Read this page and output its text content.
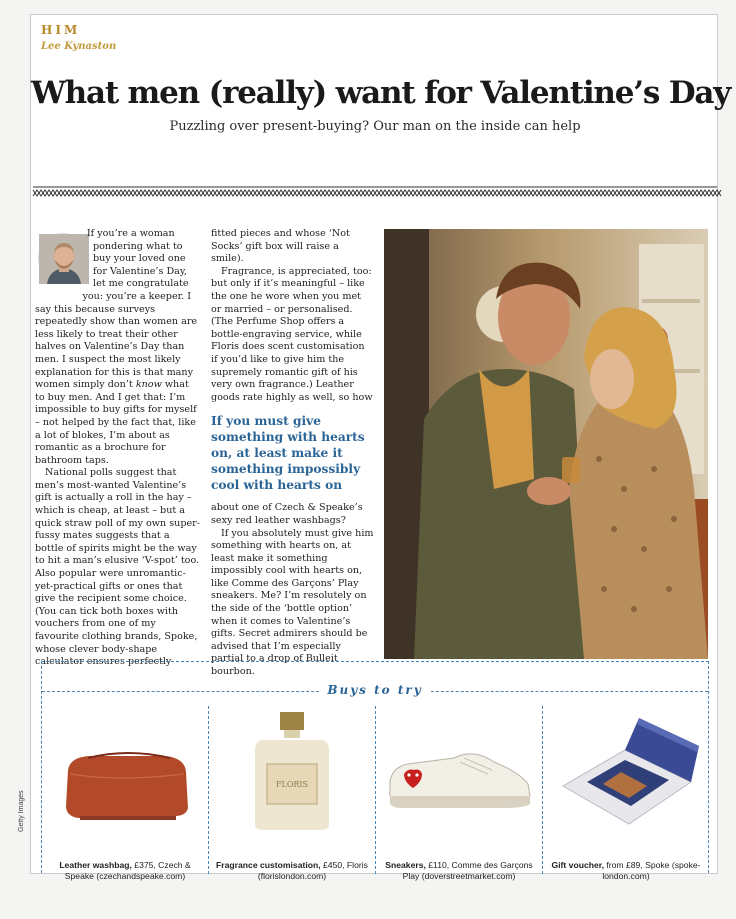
HIM
Lee Kynaston
What men (really) want for Valentine’s Day
Puzzling over present-buying? Our man on the inside can help

If you’re a woman pondering what to buy your loved one for Valentine’s Day, let me congratulate you: you’re a keeper. I say this because surveys repeatedly show than women are less likely to treat their other halves on Valentine’s Day than men. I suspect the most likely explanation for this is that many women simply don’t know what to buy men. And I get that: I’m impossible to buy gifts for myself – not helped by the fact that, like a lot of blokes, I’m about as romantic as a brochure for bathroom taps.

National polls suggest that men’s most-wanted Valentine’s gift is actually a roll in the hay – which is cheap, at least – but a quick straw poll of my own super-fussy mates suggests that a bottle of spirits might be the way to hit a man’s elusive ‘V-spot’ too. Also popular were unromantic-yet-practical gifts or ones that give the recipient some choice. (You can tick both boxes with vouchers from one of my favourite clothing brands, Spoke, whose clever body-shape calculator ensures perfectly

fitted pieces and whose ‘Not Socks’ gift box will raise a smile).

Fragrance, is appreciated, too: but only if it’s meaningful – like the one he wore when you met or married – or personalised. (The Perfume Shop offers a bottle-engraving service, while Floris does scent customisation if you’d like to give him the supremely romantic gift of his very own fragrance.) Leather goods rate highly as well, so how

If you must give something with hearts on, at least make it something impossibly cool with hearts on

about one of Czech & Speake’s sexy red leather washbags?

If you absolutely must give him something with hearts on, at least make it something impossibly cool with hearts on, like Comme des Garçons’ Play sneakers. Me? I’m resolutely on the side of the ‘bottle option’ when it comes to Valentine’s gifts. Secret admirers should be advised that I’m especially partial to a drop of Bulleit bourbon.

Buys to try
Leather washbag, £375, Czech & Speake (czechandspeake.com)
FLORIS
Fragrance customisation, £450, Floris (florislondon.com)
Sneakers, £110, Comme des Garçons Play (doverstreetmarket.com)
Gift voucher, from £89, Spoke (spoke-london.com)
Getty Images
